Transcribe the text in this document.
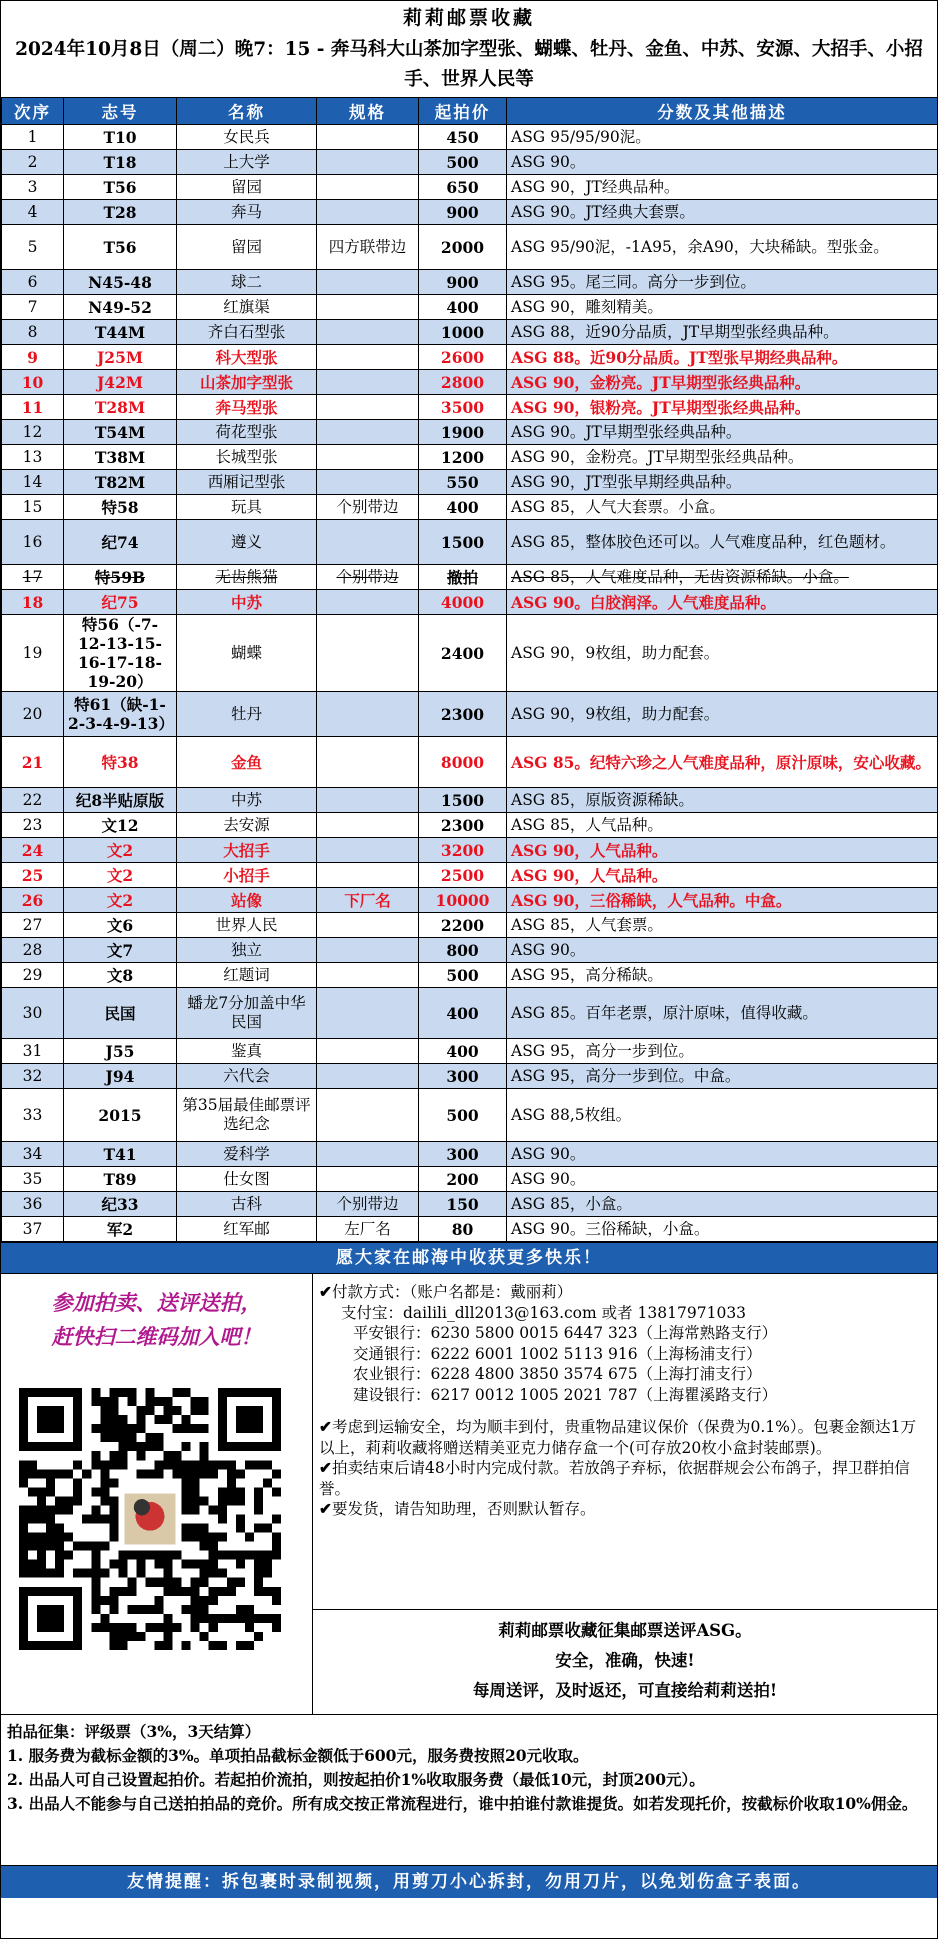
莉莉邮票收藏
2024年10月8日（周二）晚7：15 - 奔马科大山茶加字型张、蝴蝶、牡丹、金鱼、中苏、安源、大招手、小招手、世界人民等
次序	志号	名称	规格	起拍价	分数及其他描述
1	T10	女民兵		450	ASG 95/95/90泥。
2	T18	上大学		500	ASG 90。
3	T56	留园		650	ASG 90，JT经典品种。
4	T28	奔马		900	ASG 90。JT经典大套票。
5	T56	留园	四方联带边	2000	ASG 95/90泥，-1A95，余A90，大块稀缺。型张金。
6	N45-48	球二		900	ASG 95。尾三同。高分一步到位。
7	N49-52	红旗渠		400	ASG 90，雕刻精美。
8	T44M	齐白石型张		1000	ASG 88，近90分品质，JT早期型张经典品种。
9	J25M	科大型张		2600	ASG 88。近90分品质。JT型张早期经典品种。
10	J42M	山茶加字型张		2800	ASG 90，金粉亮。JT早期型张经典品种。
11	T28M	奔马型张		3500	ASG 90，银粉亮。JT早期型张经典品种。
12	T54M	荷花型张		1900	ASG 90。JT早期型张经典品种。
13	T38M	长城型张		1200	ASG 90，金粉亮。JT早期型张经典品种。
14	T82M	西厢记型张		550	ASG 90，JT型张早期经典品种。
15	特58	玩具	个别带边	400	ASG 85，人气大套票。小盒。
16	纪74	遵义		1500	ASG 85，整体胶色还可以。人气难度品种，红色题材。
17	特59B	无齿熊猫	个别带边	撤拍	ASG 85，人气难度品种，无齿资源稀缺。小盒。
18	纪75	中苏		4000	ASG 90。白胶润泽。人气难度品种。
19	特56（-7-12-13-15-16-17-18-19-20）	蝴蝶		2400	ASG 90，9枚组，助力配套。
20	特61（缺-1-2-3-4-9-13）	牡丹		2300	ASG 90，9枚组，助力配套。
21	特38	金鱼		8000	ASG 85。纪特六珍之人气难度品种，原汁原味，安心收藏。
22	纪8半贴原版	中苏		1500	ASG 85，原版资源稀缺。
23	文12	去安源		2300	ASG 85，人气品种。
24	文2	大招手		3200	ASG 90，人气品种。
25	文2	小招手		2500	ASG 90，人气品种。
26	文2	站像	下厂名	10000	ASG 90，三俗稀缺，人气品种。中盒。
27	文6	世界人民		2200	ASG 85，人气套票。
28	文7	独立		800	ASG 90。
29	文8	红题词		500	ASG 95，高分稀缺。
30	民国	蟠龙7分加盖中华民国		400	ASG 85。百年老票，原汁原味，值得收藏。
31	J55	鉴真		400	ASG 95，高分一步到位。
32	J94	六代会		300	ASG 95，高分一步到位。中盒。
33	2015	第35届最佳邮票评选纪念		500	ASG 88,5枚组。
34	T41	爱科学		300	ASG 90。
35	T89	仕女图		200	ASG 90。
36	纪33	古科	个别带边	150	ASG 85，小盒。
37	军2	红军邮	左厂名	80	ASG 90。三俗稀缺，小盒。
愿大家在邮海中收获更多快乐！
参加拍卖、送评送拍，
赶快扫二维码加入吧！
✔付款方式：（账户名都是：戴丽莉）
支付宝：dailili_dll2013@163.com 或者 13817971033
平安银行：6230 5800 0015 6447 323（上海常熟路支行）
交通银行：6222 6001 1002 5113 916（上海杨浦支行）
农业银行：6228 4800 3850 3574 675（上海打浦支行）
建设银行：6217 0012 1005 2021 787（上海瞿溪路支行）
✔考虑到运输安全，均为顺丰到付，贵重物品建议保价（保费为0.1%）。包裹金额达1万以上，莉莉收藏将赠送精美亚克力储存盒一个(可存放20枚小盒封装邮票)。
✔拍卖结束后请48小时内完成付款。若放鸽子弃标，依据群规会公布鸽子，捍卫群拍信誉。
✔要发货，请告知助理，否则默认暂存。
莉莉邮票收藏征集邮票送评ASG。
安全，准确，快速!
每周送评，及时返还，可直接给莉莉送拍!
拍品征集：评级票（3%，3天结算）
1. 服务费为截标金额的3%。单项拍品截标金额低于600元，服务费按照20元收取。
2. 出品人可自己设置起拍价。若起拍价流拍，则按起拍价1%收取服务费（最低10元，封顶200元）。
3. 出品人不能参与自己送拍拍品的竞价。所有成交按正常流程进行，谁中拍谁付款谁提货。如若发现托价，按截标价收取10%佣金。
友情提醒：拆包裹时录制视频，用剪刀小心拆封，勿用刀片，以免划伤盒子表面。
